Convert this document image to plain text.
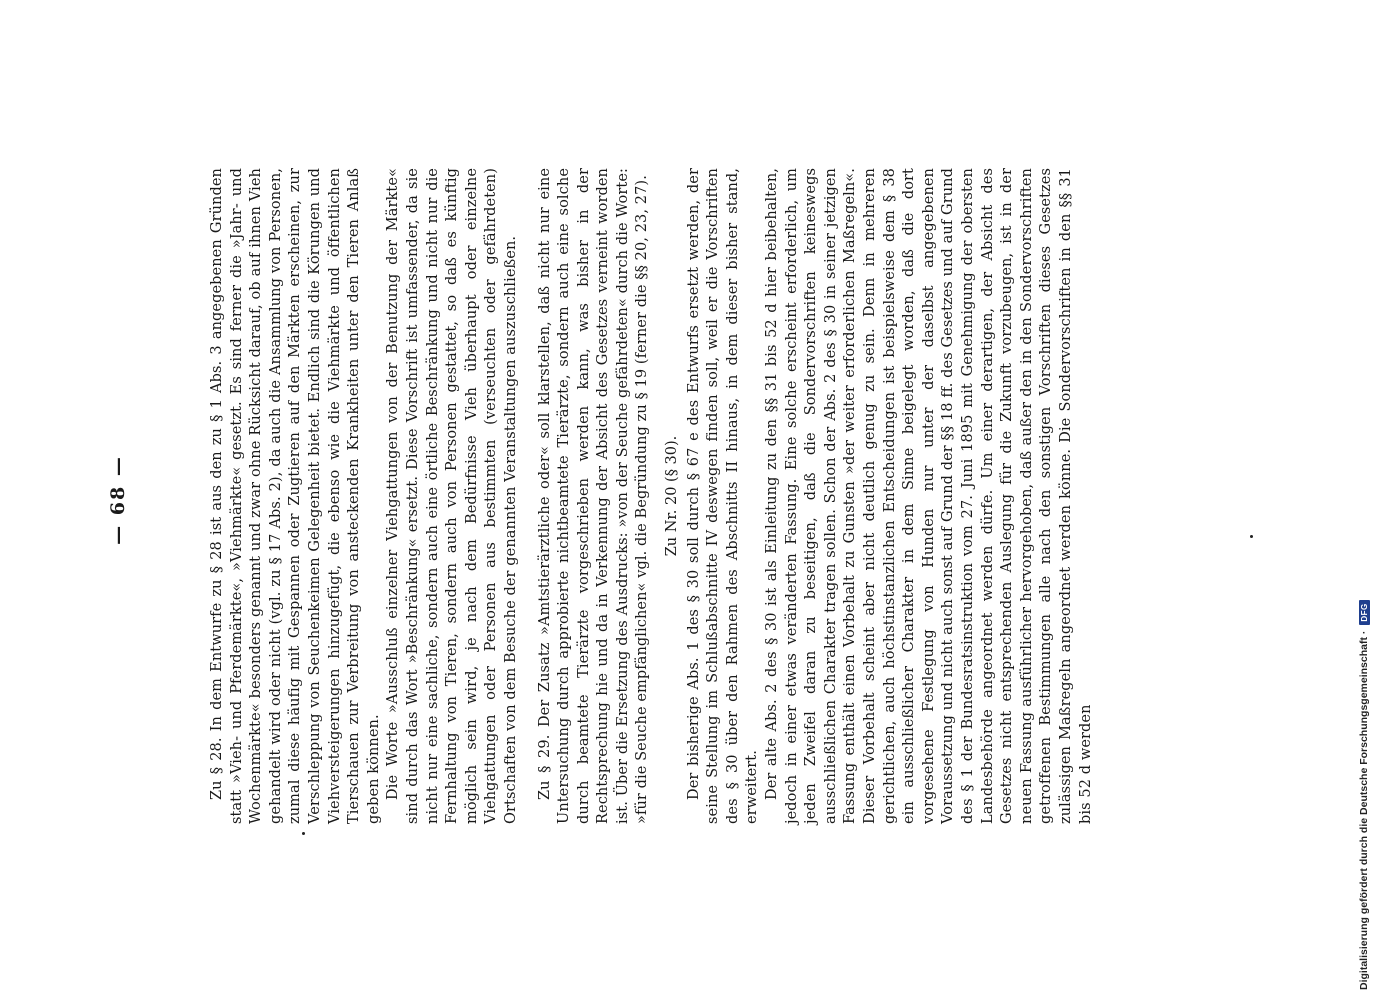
— 68 —	Zu § 28. In dem Entwurfe zu § 28 ist aus den zu § 1 Abs. 3 angegebenen Gründen statt »Vieh- und Pferdemärkte«, »Viehmärkte« gesetzt. Es sind ferner die »Jahr- und Wochenmärkte« besonders genannt und zwar ohne Rücksicht darauf, ob auf ihnen Vieh gehandelt wird oder nicht (vgl. zu § 17 Abs. 2), da auch die Ansammlung von Personen, zumal diese häufig mit Gespannen oder Zugtieren auf den Märkten erscheinen, zur Verschleppung von Seuchenkeimen Gelegenheit bietet. Endlich sind die Körungen und Viehversteigerungen hinzugefügt, die ebenso wie die Viehmärkte und öffentlichen Tierschauen zur Verbreitung von ansteckenden Krankheiten unter den Tieren Anlaß geben können. Die Worte »Ausschluß einzelner Viehgattungen von der Benutzung der Märkte« sind durch das Wort »Beschränkung« ersetzt. Diese Vorschrift ist umfassender, da sie nicht nur eine sachliche, sondern auch eine örtliche Beschränkung und nicht nur die Fernhaltung von Tieren, sondern auch von Personen gestattet, so daß es künftig möglich sein wird, je nach dem Bedürfnisse Vieh überhaupt oder einzelne Viehgattungen oder Personen aus bestimmten (verseuchten oder gefährdeten) Ortschaften von dem Besuche der genannten Veranstaltungen auszuschließen. Zu § 29. Der Zusatz »Amtstierärztliche oder« soll klarstellen, daß nicht nur eine Untersuchung durch approbierte nichtbeamtete Tierärzte, sondern auch eine solche durch beamtete Tierärzte vorgeschrieben werden kann, was bisher in der Rechtsprechung hie und da in Verkennung der Absicht des Gesetzes verneint worden ist. Über die Ersetzung des Ausdrucks: »von der Seuche gefährdeten« durch die Worte: »für die Seuche empfänglichen« vgl. die Begründung zu § 19 (ferner die §§ 20, 23, 27). Zu Nr. 20 (§ 30). Der bisherige Abs. 1 des § 30 soll durch § 67 e des Entwurfs ersetzt werden, der seine Stellung im Schlußabschnitte IV deswegen finden soll, weil er die Vorschriften des § 30 über den Rahmen des Abschnitts II hinaus, in dem dieser bisher stand, erweitert. Der alte Abs. 2 des § 30 ist als Einleitung zu den §§ 31 bis 52 d hier beibehalten, jedoch in einer etwas veränderten Fassung. Eine solche erscheint erforderlich, um jeden Zweifel daran zu beseitigen, daß die Sondervorschriften keineswegs ausschließlichen Charakter tragen sollen. Schon der Abs. 2 des § 30 in seiner jetzigen Fassung enthält einen Vorbehalt zu Gunsten »der weiter erforderlichen Maßregeln«. Dieser Vorbehalt scheint aber nicht deutlich genug zu sein. Denn in mehreren gerichtlichen, auch höchstinstanzlichen Entscheidungen ist beispielsweise dem § 38 ein ausschließlicher Charakter in dem Sinne beigelegt worden, daß die dort vorgesehene Festlegung von Hunden nur unter der daselbst angegebenen Voraussetzung und nicht auch sonst auf Grund der §§ 18 ff. des Gesetzes und auf Grund des § 1 der Bundesratsinstruktion vom 27. Juni 1895 mit Genehmigung der obersten Landesbehörde angeordnet werden dürfe. Um einer derartigen, der Absicht des Gesetzes nicht entsprechenden Auslegung für die Zukunft vorzubeugen, ist in der neuen Fassung ausführlicher hervorgehoben, daß außer den in den Sondervorschriften getroffenen Bestimmungen alle nach den sonstigen Vorschriften dieses Gesetzes zulässigen Maßregeln angeordnet werden könne. Die Sondervorschriften in den §§ 31 bis 52 d werden	Digitalisierung gefördert durch die Deutsche Forschungsgemeinschaft ·
DFG
